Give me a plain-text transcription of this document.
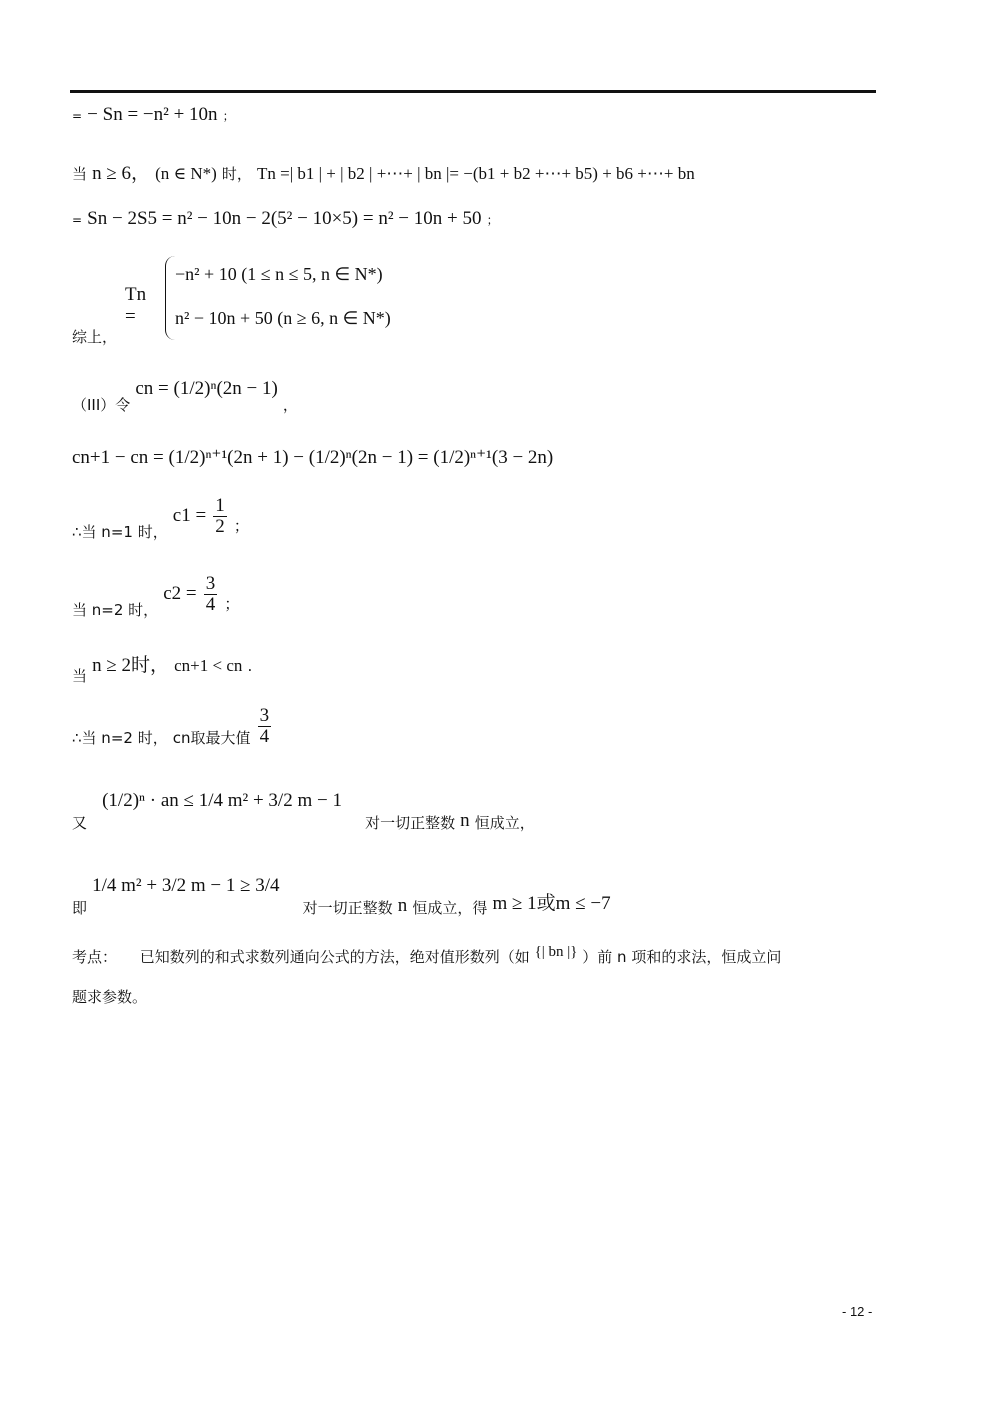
= − Sn = −n² + 10n ；
当 n ≥ 6， (n ∈ N*) 时， Tn =| b1 | + | b2 | +⋯+ | bn |= −(b1 + b2 +⋯+ b5) + b6 +⋯+ bn
= Sn − 2S5 = n² − 10n − 2(5² − 10×5) = n² − 10n + 50 ；
综上，
Tn =
−n² + 10 (1 ≤ n ≤ 5, n ∈ N*)
n² − 10n + 50 (n ≥ 6, n ∈ N*)
（III）令 cn = (1/2)ⁿ(2n − 1) ，
cn+1 − cn = (1/2)ⁿ⁺¹(2n + 1) − (1/2)ⁿ(2n − 1) = (1/2)ⁿ⁺¹(3 − 2n)
∴当 n=1 时， $c1 = \frac{1}{2}$ ；
当 n=2 时， $c2 = \frac{3}{4}$ ；
当 n ≥ 2时， cn+1 < cn .
∴当 n=2 时， cn取最大值 $\frac{3}{4}$
又 (1/2)ⁿ · an ≤ 1/4 m² + 3/2 m − 1 对一切正整数 n 恒成立，
即 1/4 m² + 3/2 m − 1 ≥ 3/4 对一切正整数 n 恒成立，得 m ≥ 1或m ≤ −7
考点： 已知数列的和式求数列通向公式的方法，绝对值形数列（如 {| bn |} ）前 n 项和的求法，恒成立问
题求参数。
- 12 -
